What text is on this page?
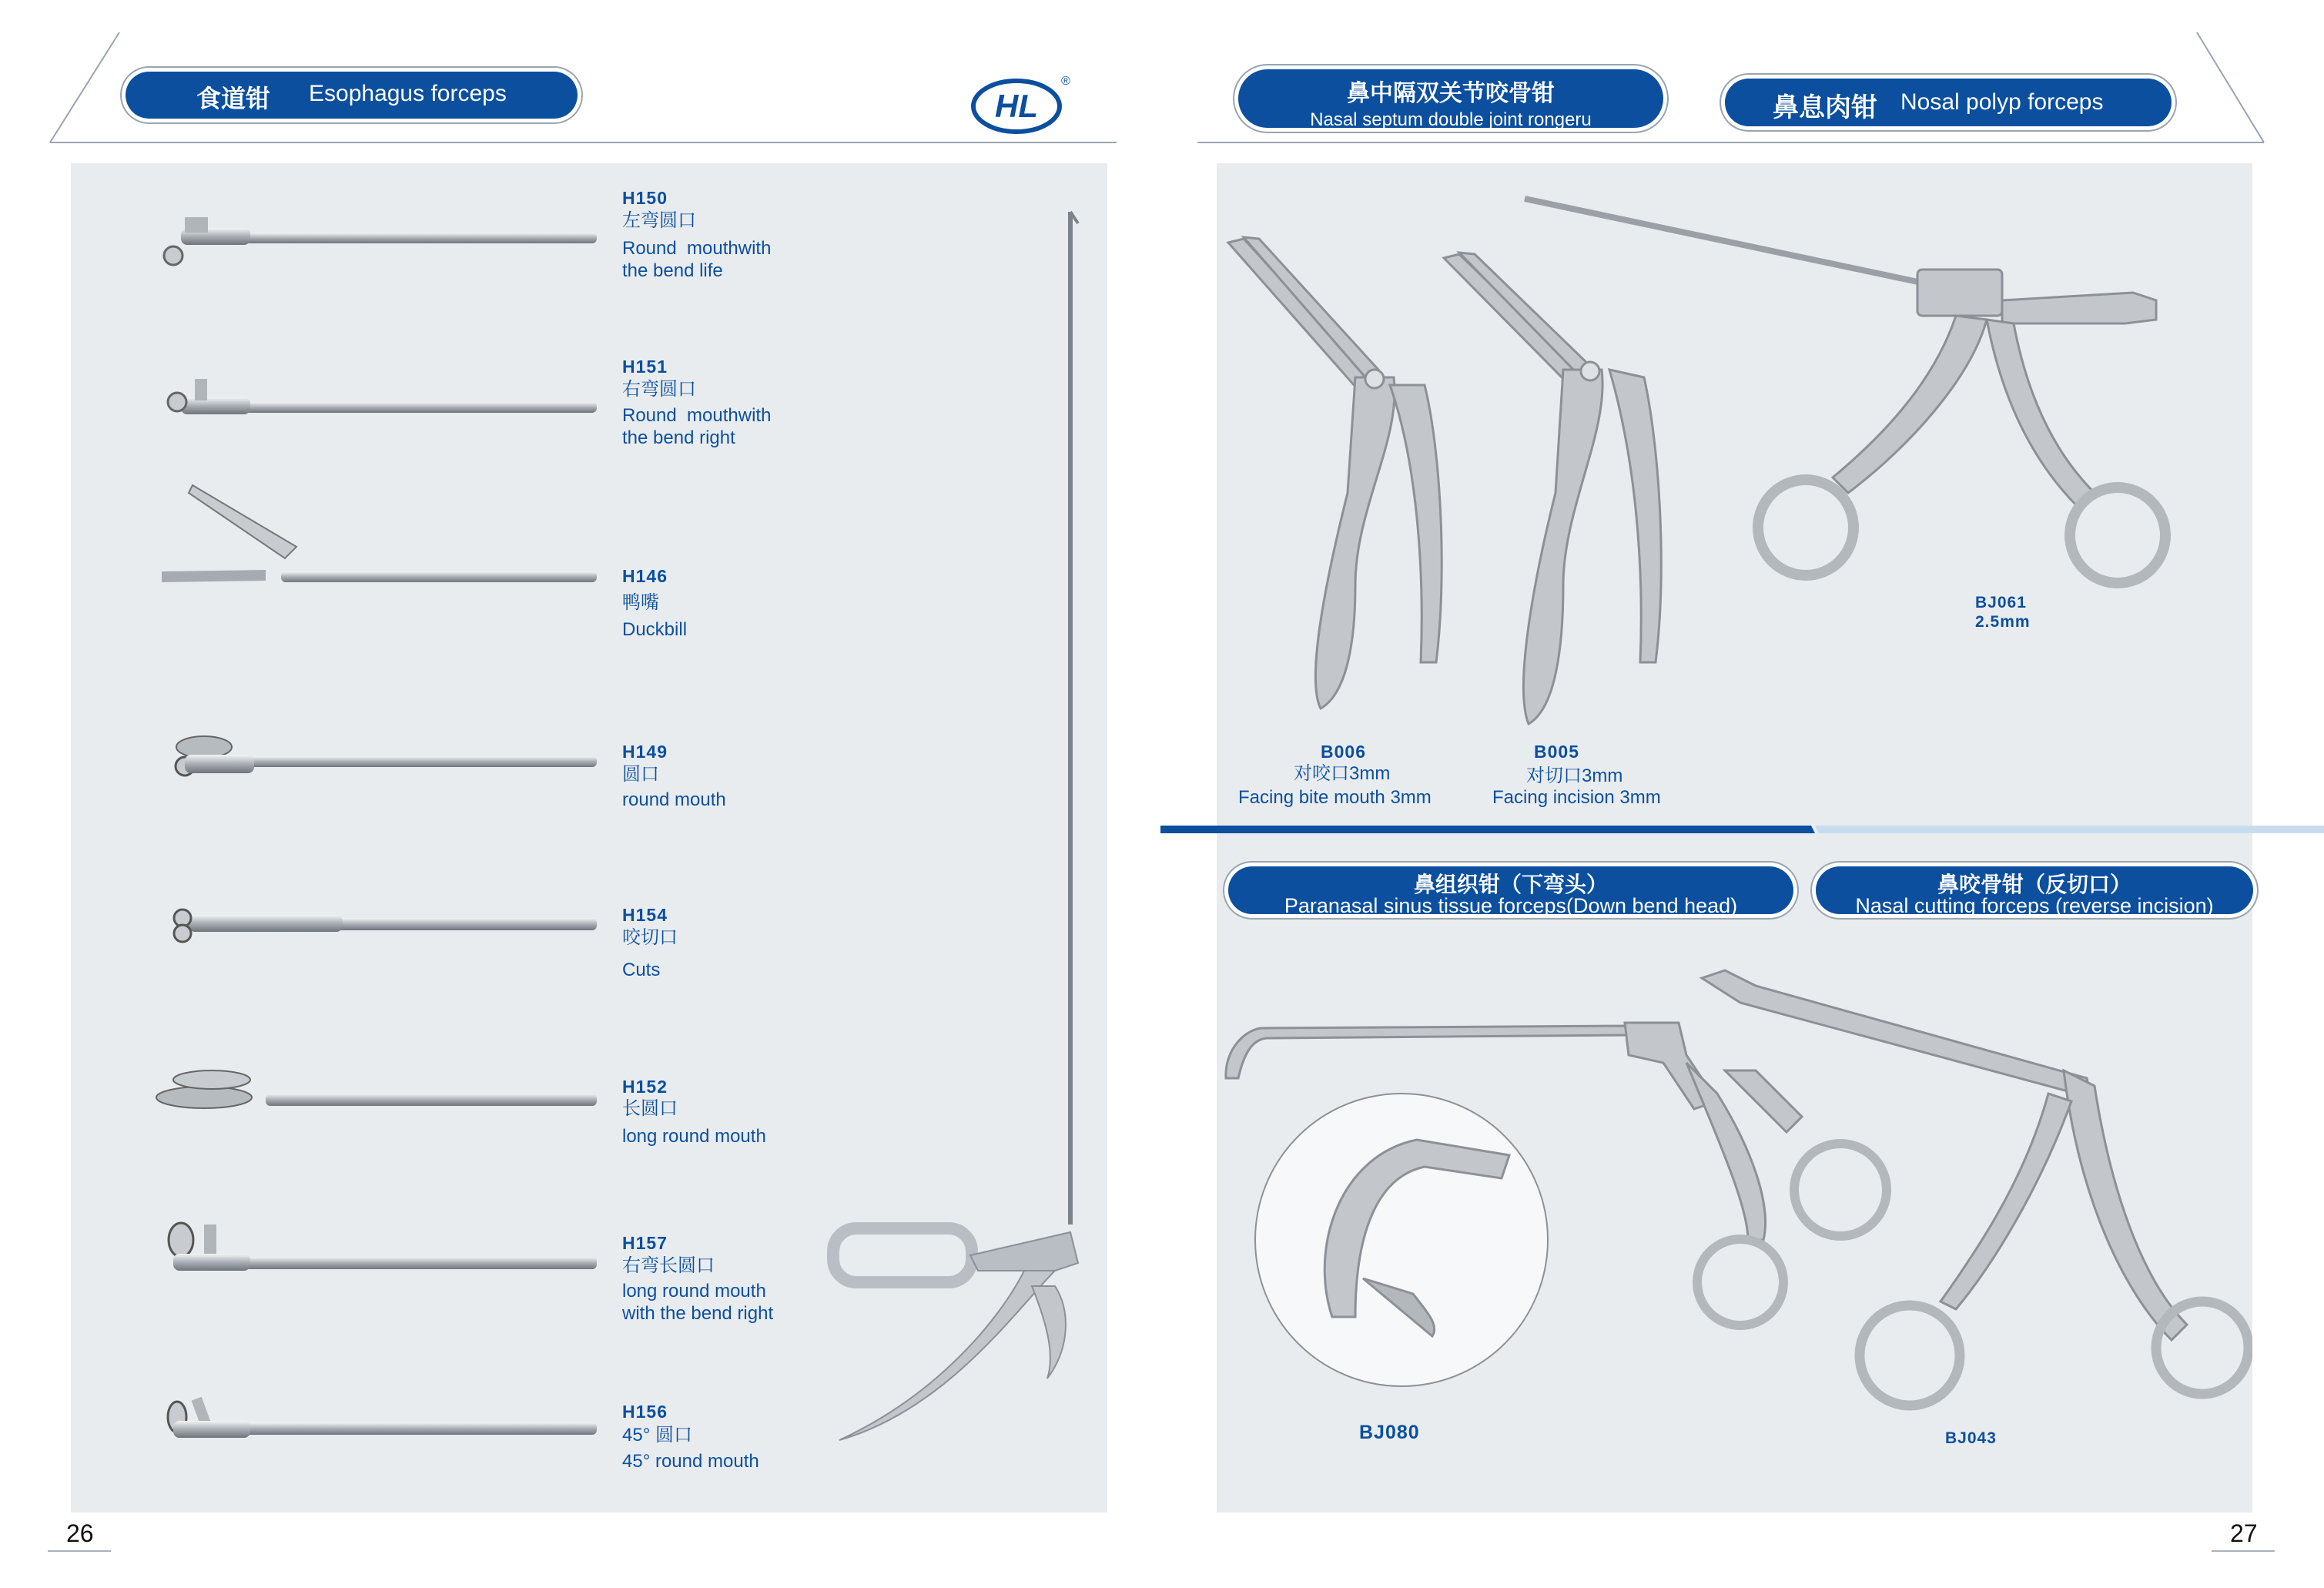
食道钳 Esophagus forceps	HL
®
H150
左弯圆口
Round  mouthwith
the bend life
H151
右弯圆口
Round  mouthwith
the bend right
H146
鸭嘴
Duckbill
H149
圆口
round mouth
H154
咬切口
Cuts
H152
长圆口
long round mouth
H157
右弯长圆口
long round mouth
with the bend right
H156
45° 圆口
45° round mouth
26
鼻中隔双关节咬骨钳
Nasal septum double joint rongeru	鼻息肉钳 Nosal polyp forceps
B006
对咬口3mm
Facing bite mouth 3mm
B005
对切口3mm
Facing incision 3mm
BJ061
2.5mm
鼻组织钳（下弯头）
Paranasal sinus tissue forceps(Down bend head)
鼻咬骨钳（反切口）
Nasal cutting forceps (reverse incision)
BJ080	BJ043
27
